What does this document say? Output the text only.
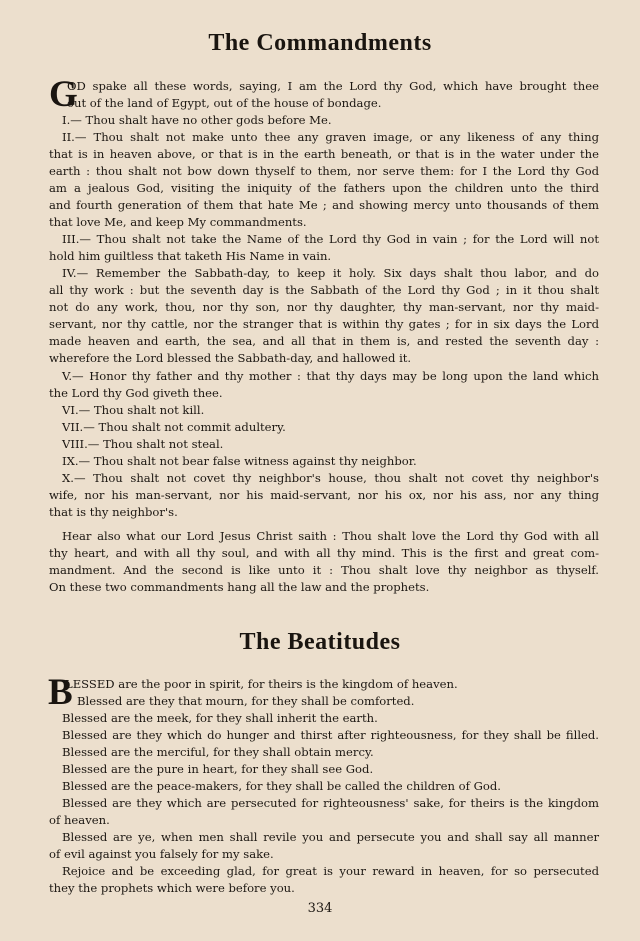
The Commandments
G
OD spake all these words, saying, I am the Lord thy God, which have brought thee
out of the land of Egypt, out of the house of bondage.
I.— Thou shalt have no other gods before Me.
II.— Thou shalt not make unto thee any graven image, or any likeness of any thing
that is in heaven above, or that is in the earth beneath, or that is in the water under the
earth : thou shalt not bow down thyself to them, nor serve them: for I the Lord thy God
am a jealous God, visiting the iniquity of the fathers upon the children unto the third
and fourth generation of them that hate Me ; and showing mercy unto thousands of them
that love Me, and keep My commandments.
III.— Thou shalt not take the Name of the Lord thy God in vain ; for the Lord will not
hold him guiltless that taketh His Name in vain.
IV.— Remember the Sabbath-day, to keep it holy. Six days shalt thou labor, and do
all thy work : but the seventh day is the Sabbath of the Lord thy God ; in it thou shalt
not do any work, thou, nor thy son, nor thy daughter, thy man-servant, nor thy maid-
servant, nor thy cattle, nor the stranger that is within thy gates ; for in six days the Lord
made heaven and earth, the sea, and all that in them is, and rested the seventh day :
wherefore the Lord blessed the Sabbath-day, and hallowed it.
V.— Honor thy father and thy mother : that thy days may be long upon the land which
the Lord thy God giveth thee.
VI.— Thou shalt not kill.
VII.— Thou shalt not commit adultery.
VIII.— Thou shalt not steal.
IX.— Thou shalt not bear false witness against thy neighbor.
X.— Thou shalt not covet thy neighbor's house, thou shalt not covet thy neighbor's
wife, nor his man-servant, nor his maid-servant, nor his ox, nor his ass, nor any thing
that is thy neighbor's.
Hear also what our Lord Jesus Christ saith : Thou shalt love the Lord thy God with all
thy heart, and with all thy soul, and with all thy mind. This is the first and great com-
mandment. And the second is like unto it : Thou shalt love thy neighbor as thyself.
On these two commandments hang all the law and the prophets.
The Beatitudes
B
LESSED are the poor in spirit, for theirs is the kingdom of heaven.
Blessed are they that mourn, for they shall be comforted.
Blessed are the meek, for they shall inherit the earth.
Blessed are they which do hunger and thirst after righteousness, for they shall be filled.
Blessed are the merciful, for they shall obtain mercy.
Blessed are the pure in heart, for they shall see God.
Blessed are the peace-makers, for they shall be called the children of God.
Blessed are they which are persecuted for righteousness' sake, for theirs is the kingdom
of heaven.
Blessed are ye, when men shall revile you and persecute you and shall say all manner
of evil against you falsely for my sake.
Rejoice and be exceeding glad, for great is your reward in heaven, for so persecuted
they the prophets which were before you.
334
